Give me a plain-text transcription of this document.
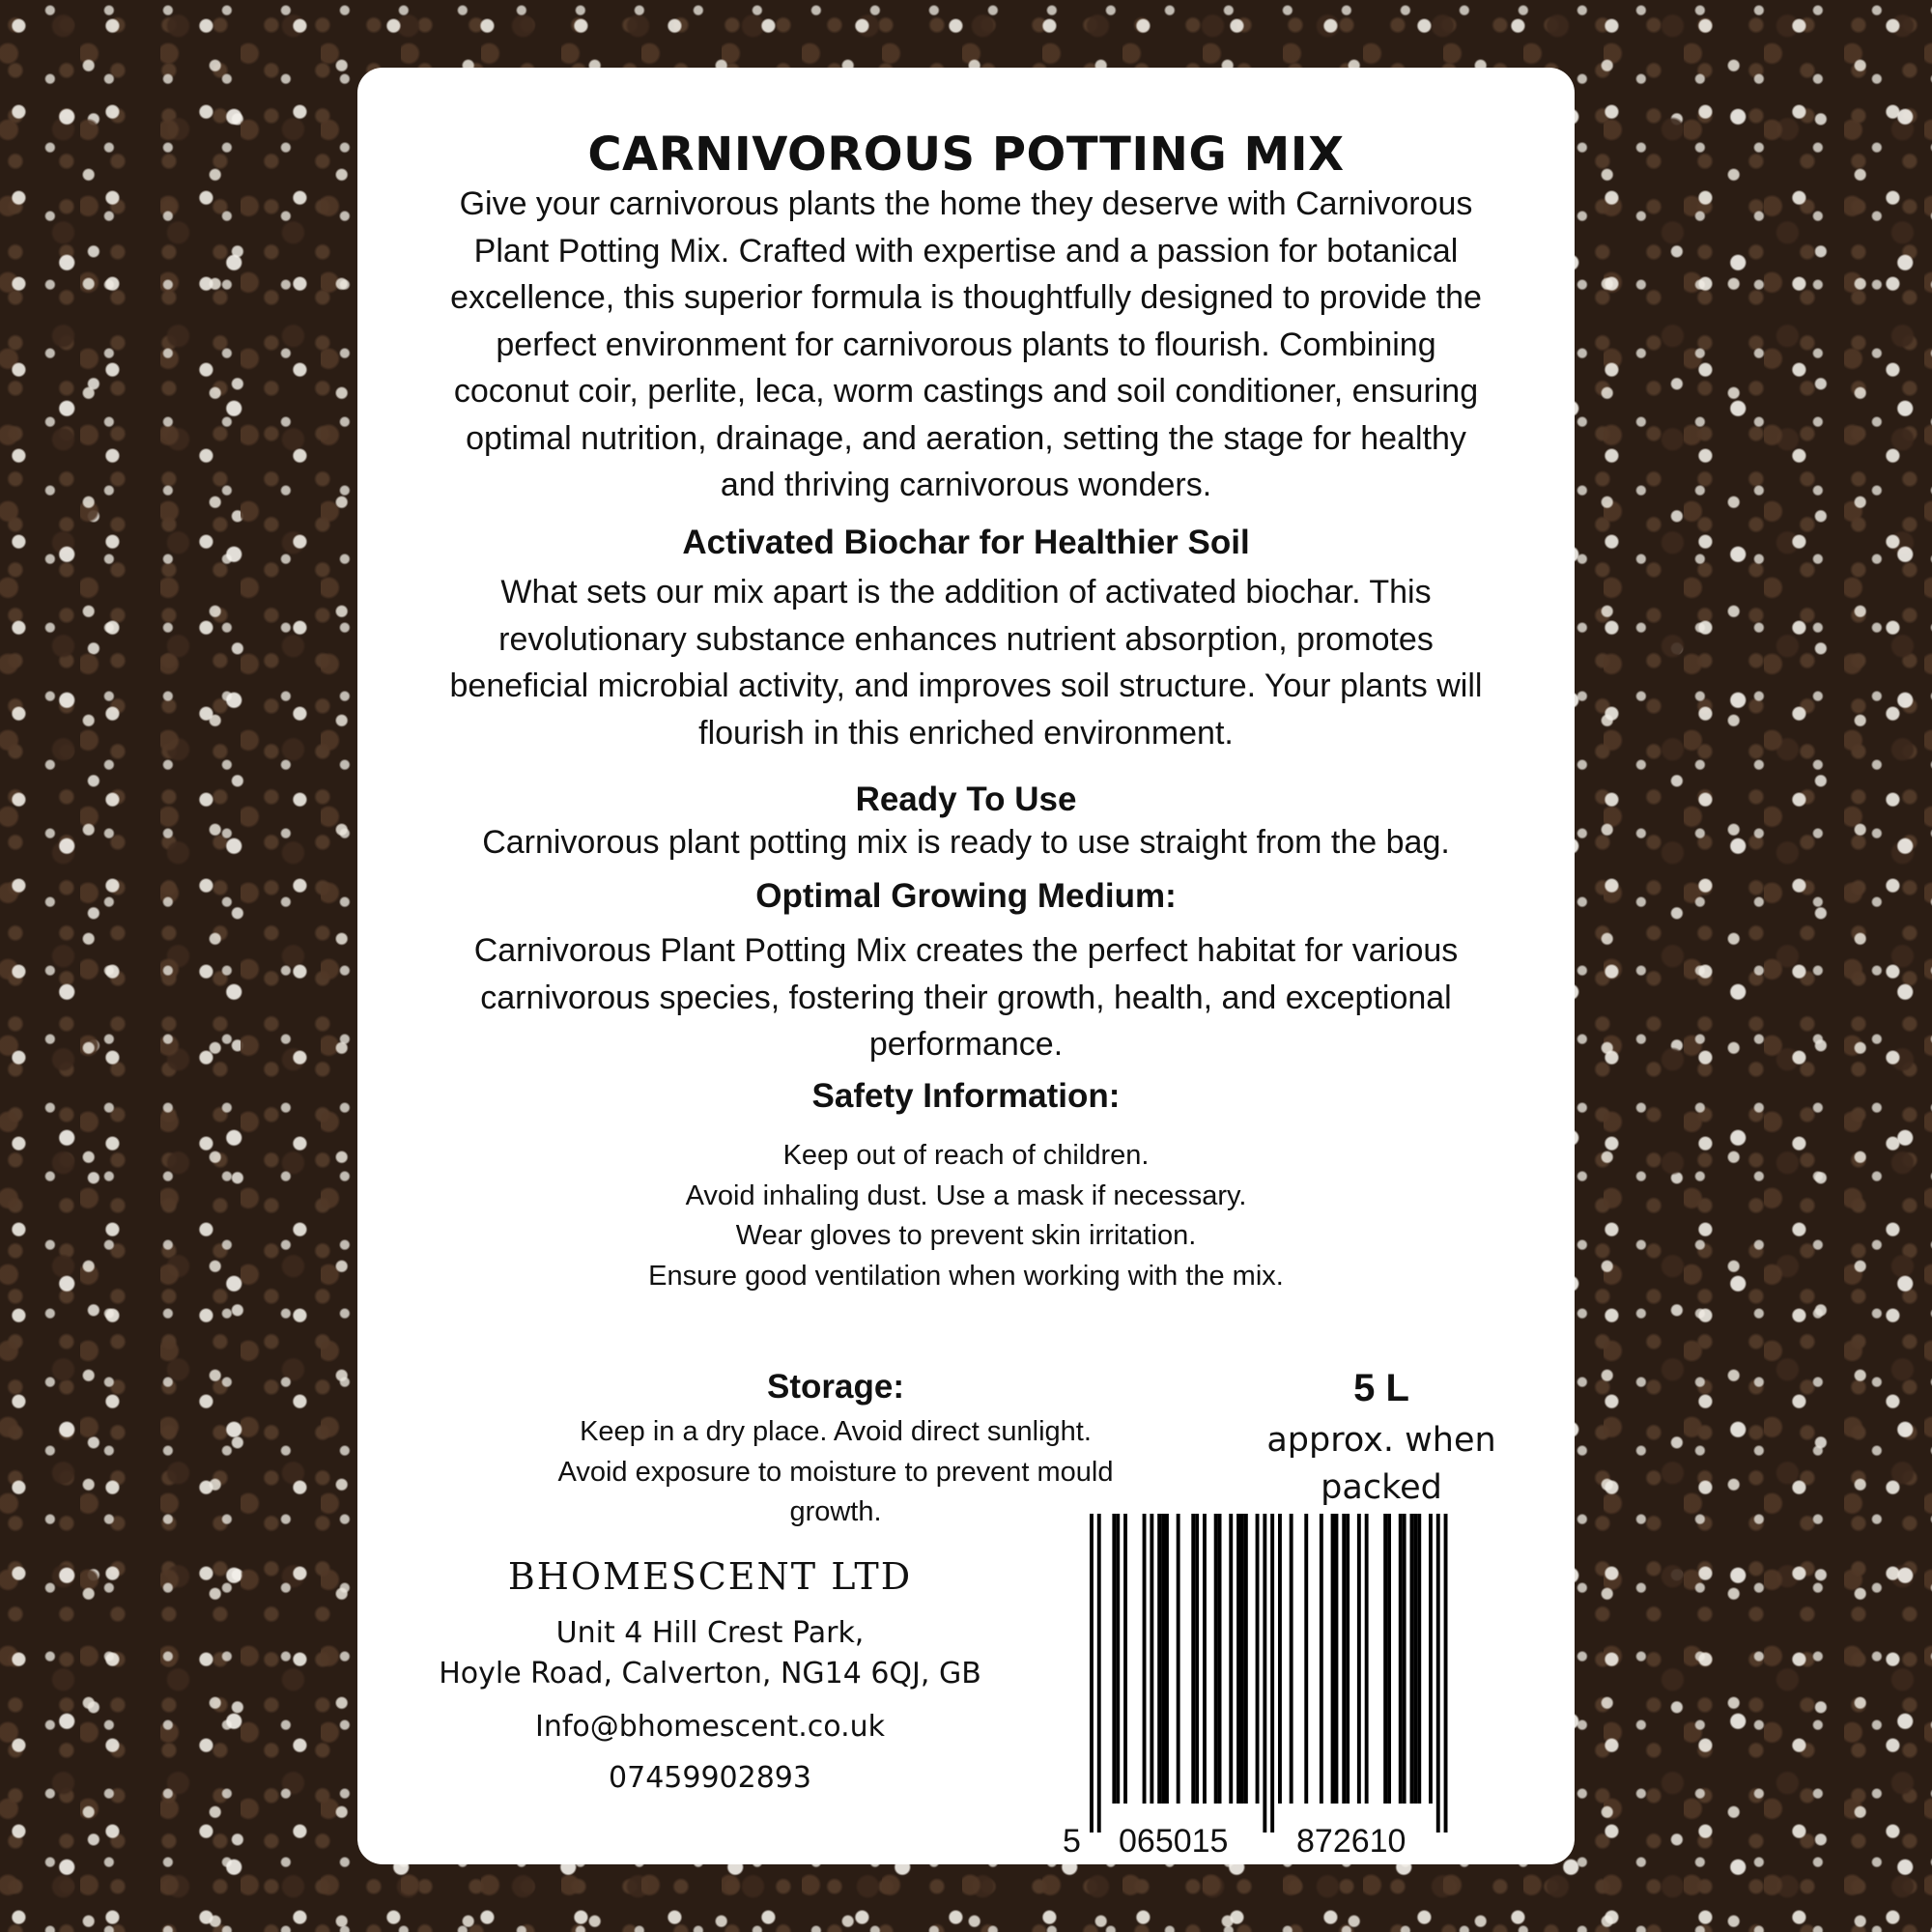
CARNIVOROUS POTTING MIX
Give your carnivorous plants the home they deserve with Carnivorous
Plant Potting Mix. Crafted with expertise and a passion for botanical
excellence, this superior formula is thoughtfully designed to provide the
perfect environment for carnivorous plants to flourish. Combining
coconut coir, perlite, leca, worm castings and soil conditioner, ensuring
optimal nutrition, drainage, and aeration, setting the stage for healthy
and thriving carnivorous wonders.
Activated Biochar for Healthier Soil
What sets our mix apart is the addition of activated biochar. This
revolutionary substance enhances nutrient absorption, promotes
beneficial microbial activity, and improves soil structure. Your plants will
flourish in this enriched environment.
Ready To Use
Carnivorous plant potting mix is ready to use straight from the bag.
Optimal Growing Medium:
Carnivorous Plant Potting Mix creates the perfect habitat for various
carnivorous species, fostering their growth, health, and exceptional
performance.
Safety Information:
Keep out of reach of children.
Avoid inhaling dust. Use a mask if necessary.
Wear gloves to prevent skin irritation.
Ensure good ventilation when working with the mix.
5 L
approx. when
packed
Storage:
Keep in a dry place. Avoid direct sunlight.
Avoid exposure to moisture to prevent mould growth.
BHOMESCENT LTD
Unit 4 Hill Crest Park,
Hoyle Road, Calverton, NG14 6QJ, GB
Info@bhomescent.co.uk
07459902893
5 065015 872610
